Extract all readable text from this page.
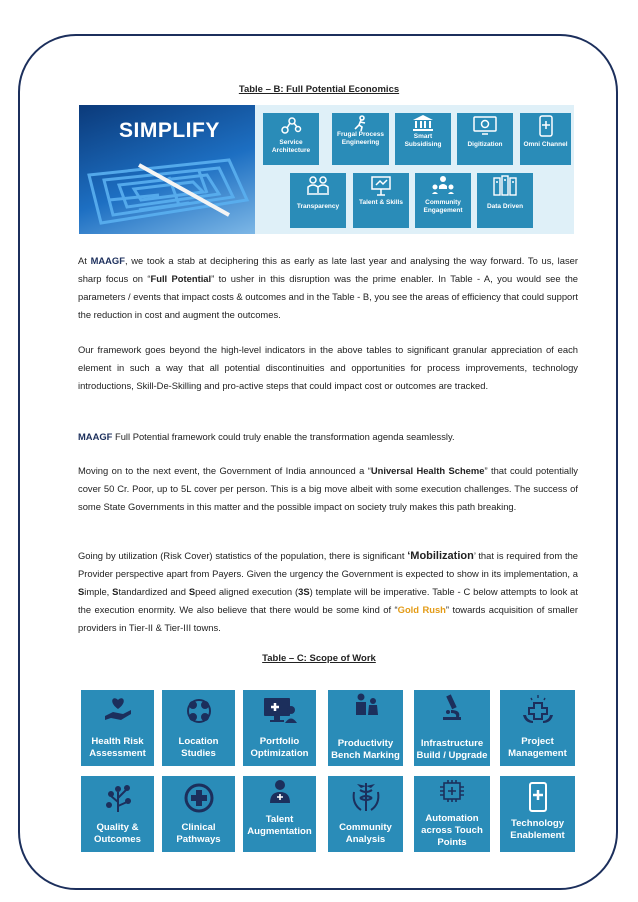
Table – B: Full Potential Economics
SIMPLIFY
Service Architecture
Frugal Process Engineering
Smart Subsidising	Digitization	Omni Channel
Transparency
Talent & Skills	Community Engagement
Data Driven
At MAAGF, we took a stab at deciphering this as early as late last year and analysing the way forward. To us, laser sharp focus on “Full Potential” to usher in this disruption was the prime enabler. In Table - A, you would see the parameters / events that impact costs & outcomes and in the Table - B, you see the areas of efficiency that could support the reduction in cost and augment the outcomes.
Our framework goes beyond the high-level indicators in the above tables to significant granular appreciation of each element in such a way that all potential discontinuities and opportunities for process improvements, technology introductions, Skill-De-Skilling and pro-active steps that could impact cost or outcomes are tracked.
MAAGF Full Potential framework could truly enable the transformation agenda seamlessly.
Moving on to the next event, the Government of India announced a “Universal Health Scheme” that could potentially cover 50 Cr. Poor, up to 5L cover per person. This is a big move albeit with some execution challenges. The success of some State Governments in this matter and the possible impact on society truly makes this path breaking.
Going by utilization (Risk Cover) statistics of the population, there is significant ‘Mobilization’ that is required from the Provider perspective apart from Payers. Given the urgency the Government is expected to show in its implementation, a Simple, Standardized and Speed aligned execution (3S) template will be imperative. Table - C below attempts to look at the execution enormity. We also believe that there would be some kind of “Gold Rush” towards acquisition of smaller providers in Tier-II & Tier-III towns.
Table – C: Scope of Work
Health Risk Assessment
Location Studies
Portfolio Optimization
Productivity Bench Marking
Infrastructure Build / Upgrade
Project Management
Quality & Outcomes
Clinical Pathways
Talent Augmentation	Community Analysis
Automation across Touch Points
Technology Enablement
